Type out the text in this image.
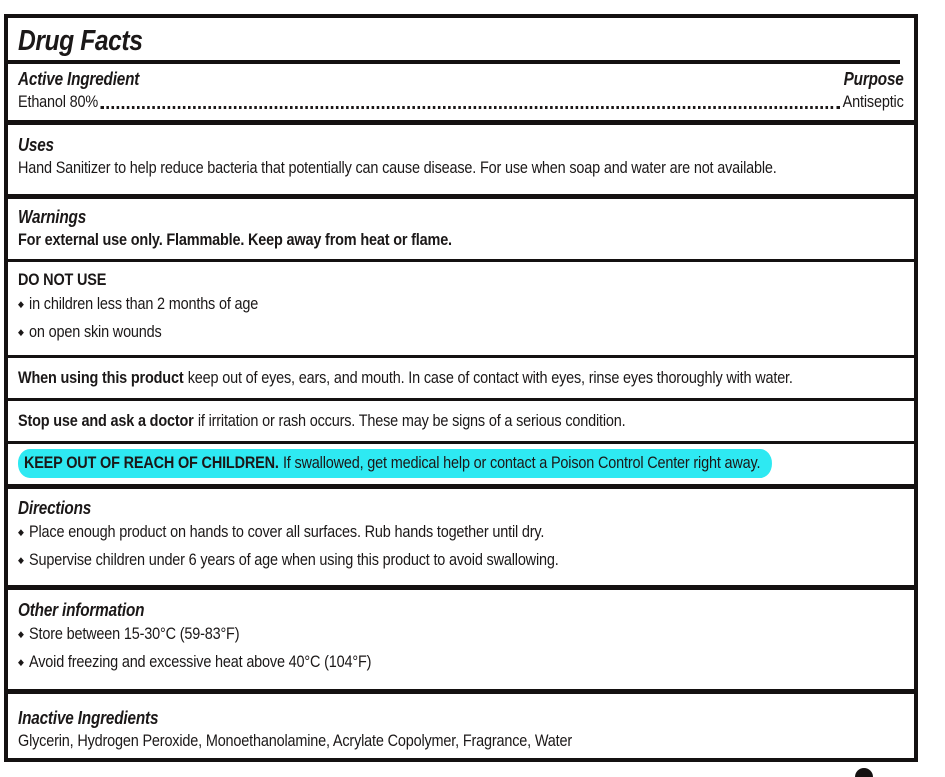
Drug Facts
Active Ingredient	Purpose
Ethanol 80%	Antiseptic
Uses
Hand Sanitizer to help reduce bacteria that potentially can cause disease. For use when soap and water are not available.
Warnings
For external use only. Flammable. Keep away from heat or flame.
DO NOT USE
◆ in children less than 2 months of age
◆ on open skin wounds
When using this product keep out of eyes, ears, and mouth. In case of contact with eyes, rinse eyes thoroughly with water.
Stop use and ask a doctor if irritation or rash occurs. These may be signs of a serious condition.
KEEP OUT OF REACH OF CHILDREN. If swallowed, get medical help or contact a Poison Control Center right away.
Directions
◆ Place enough product on hands to cover all surfaces. Rub hands together until dry.
◆ Supervise children under 6 years of age when using this product to avoid swallowing.
Other information
◆ Store between 15-30°C (59-83°F)
◆ Avoid freezing and excessive heat above 40°C (104°F)
Inactive Ingredients
Glycerin, Hydrogen Peroxide, Monoethanolamine, Acrylate Copolymer, Fragrance, Water
